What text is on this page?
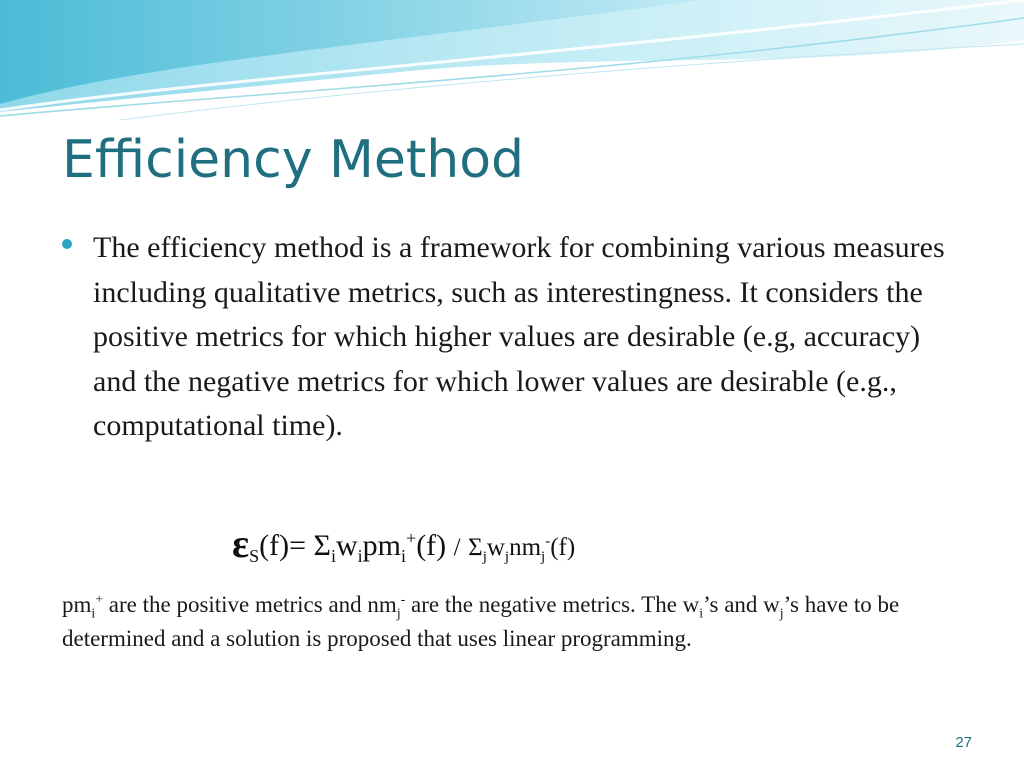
Efficiency Method

The efficiency method is a framework for combining various measures including qualitative metrics, such as interestingness. It considers the positive metrics for which higher values are desirable (e.g, accuracy) and the negative metrics for which lower values are desirable (e.g., computational time).

$\varepsilon_S(f)= \Sigma_iw_ipm_i^+(f) / \Sigma_jw_jnm_j^-(f)$

$pm_i^+$ are the positive metrics and $nm_j^-$ are the negative metrics. The $w_i’s$ and $w_j’s$ have to be determined and a solution is proposed that uses linear programming.

27
